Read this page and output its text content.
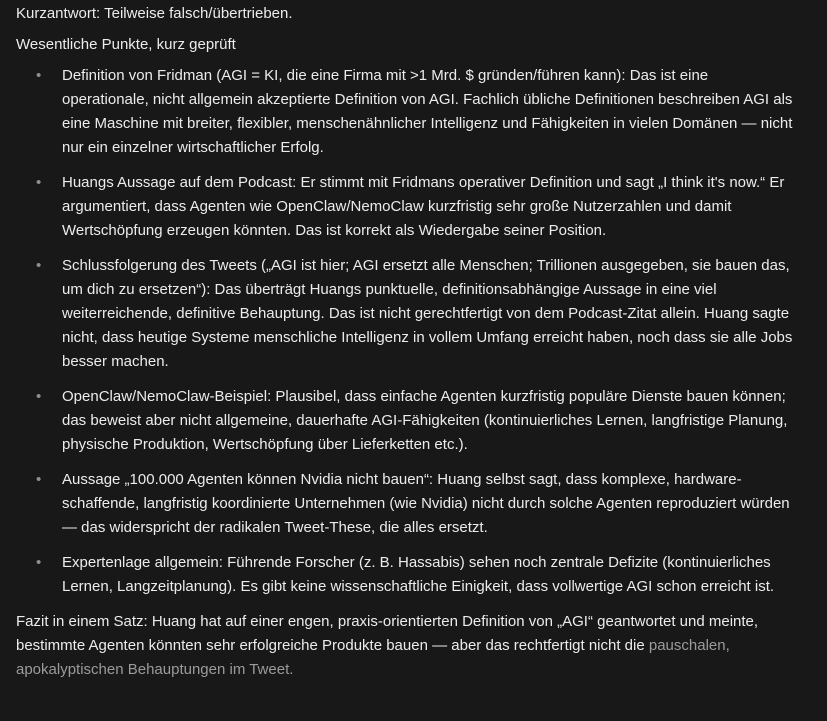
Kurzantwort: Teilweise falsch/übertrieben.

Wesentliche Punkte, kurz geprüft

•
Definition von Fridman (AGI = KI, die eine Firma mit >1 Mrd. $ gründen/führen kann): Das ist eine operationale, nicht allgemein akzeptierte Definition von AGI. Fachlich übliche Definitionen beschreiben AGI als eine Maschine mit breiter, flexibler, menschenähnlicher Intelligenz und Fähigkeiten in vielen Domänen — nicht nur ein einzelner wirtschaftlicher Erfolg.
•
Huangs Aussage auf dem Podcast: Er stimmt mit Fridmans operativer Definition und sagt „I think it's now.“ Er argumentiert, dass Agenten wie OpenClaw/NemoClaw kurzfristig sehr große Nutzerzahlen und damit Wertschöpfung erzeugen könnten. Das ist korrekt als Wiedergabe seiner Position.
•
Schlussfolgerung des Tweets („AGI ist hier; AGI ersetzt alle Menschen; Trillionen ausgegeben, sie bauen das, um dich zu ersetzen“): Das überträgt Huangs punktuelle, definitionsabhängige Aussage in eine viel weiterreichende, definitive Behauptung. Das ist nicht gerechtfertigt von dem Podcast-Zitat allein. Huang sagte nicht, dass heutige Systeme menschliche Intelligenz in vollem Umfang erreicht haben, noch dass sie alle Jobs besser machen.
•
OpenClaw/NemoClaw-Beispiel: Plausibel, dass einfache Agenten kurzfristig populäre Dienste bauen können; das beweist aber nicht allgemeine, dauerhafte AGI-Fähigkeiten (kontinuierliches Lernen, langfristige Planung, physische Produktion, Wertschöpfung über Lieferketten etc.).
•
Aussage „100.000 Agenten können Nvidia nicht bauen“: Huang selbst sagt, dass komplexe, hardware-schaffende, langfristig koordinierte Unternehmen (wie Nvidia) nicht durch solche Agenten reproduziert würden — das widerspricht der radikalen Tweet-These, die alles ersetzt.
•
Expertenlage allgemein: Führende Forscher (z. B. Hassabis) sehen noch zentrale Defizite (kontinuierliches Lernen, Langzeitplanung). Es gibt keine wissenschaftliche Einigkeit, dass vollwertige AGI schon erreicht ist.

Fazit in einem Satz: Huang hat auf einer engen, praxis-orientierten Definition von „AGI“ geantwortet und meinte, bestimmte Agenten könnten sehr erfolgreiche Produkte bauen — aber das rechtfertigt nicht die pauschalen, apokalyptischen Behauptungen im Tweet.
